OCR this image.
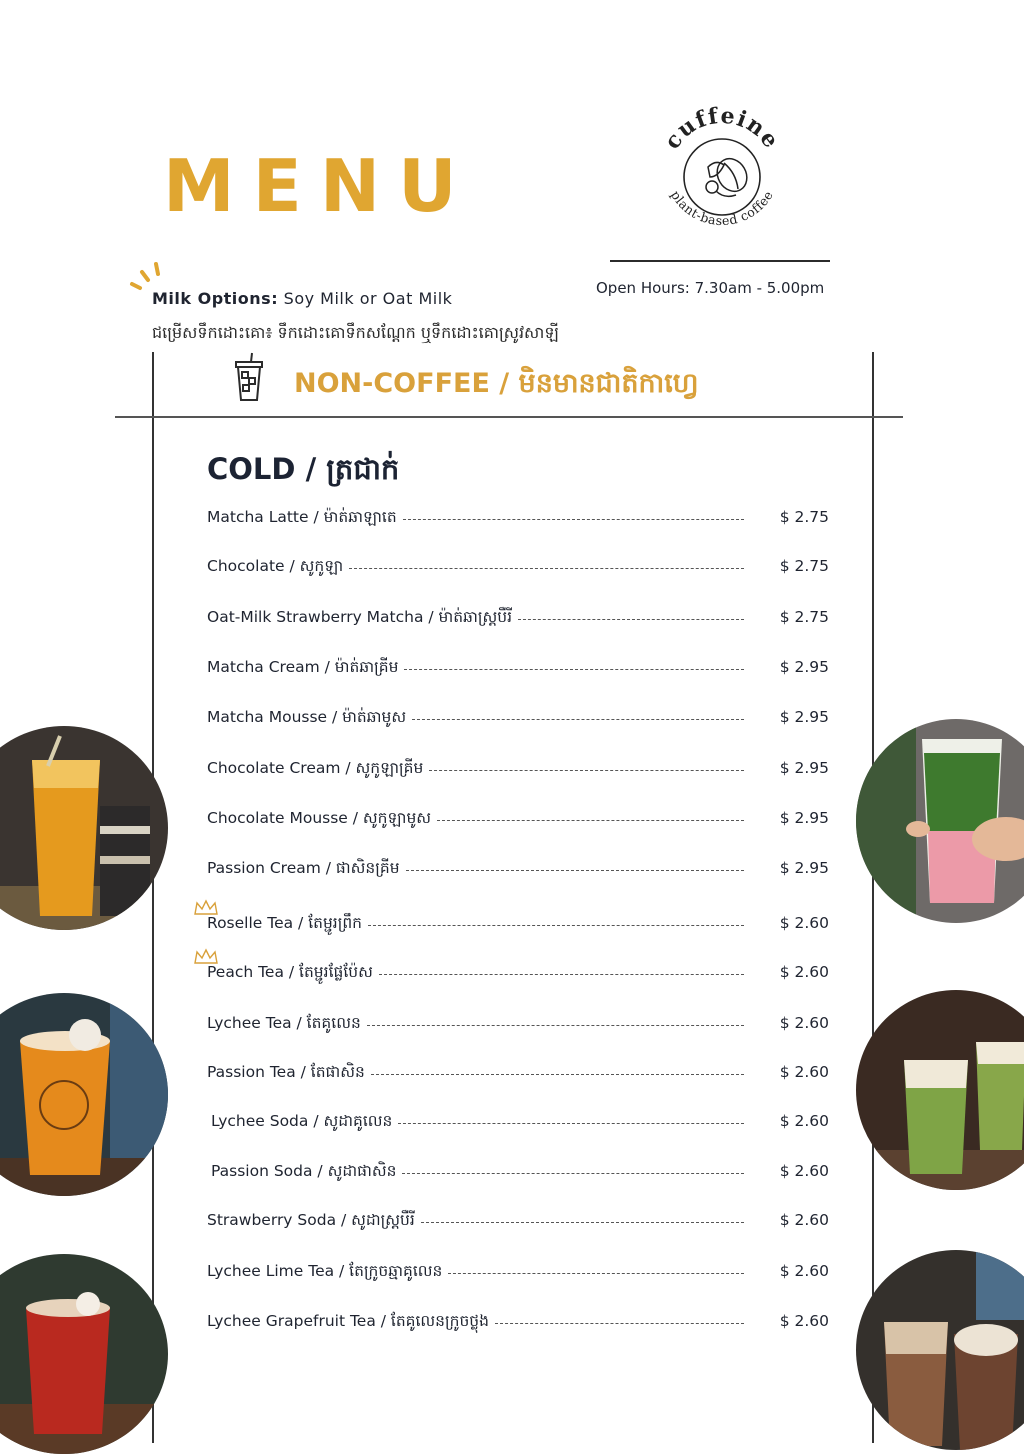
MENU
cuffeine
plant-based coffee
Open Hours: 7.30am - 5.00pm
Milk Options: Soy Milk or Oat Milk
ជម្រើសទឹកដោះគោ៖ ទឹកដោះគោទឹកសណ្តែក ឬទឹកដោះគោស្រូវសាឡី
NON-COFFEE / មិនមានជាតិកាហ្វេ
COLD / ត្រជាក់
Matcha Latte / ម៉ាត់ឆាឡាតេ	$ 2.75
Chocolate / សូកូឡា	$ 2.75
Oat-Milk Strawberry Matcha / ម៉ាត់ឆាស្ត្របឺរី	$ 2.75
Matcha Cream / ម៉ាត់ឆាគ្រីម	$ 2.95
Matcha Mousse / ម៉ាត់ឆាមូស	$ 2.95
Chocolate Cream / សូកូឡាគ្រីម	$ 2.95
Chocolate Mousse / សូកូឡាមូស	$ 2.95
Passion Cream / ផាសិនគ្រីម	$ 2.95
Roselle Tea / តែម្ជូរព្រឹក	$ 2.60
Peach Tea / តែម្ជូរផ្លែប៉ែស	$ 2.60
Lychee Tea / តែគូលេន	$ 2.60
Passion Tea / តែផាសិន	$ 2.60
Lychee Soda / សូដាគូលេន	$ 2.60
Passion Soda / សូដាផាសិន	$ 2.60
Strawberry Soda / សូដាស្ត្របឺរី	$ 2.60
Lychee Lime Tea / តែក្រូចឆ្មាគូលេន	$ 2.60
Lychee Grapefruit Tea / តែគូលេនក្រូចថ្លុង	$ 2.60
